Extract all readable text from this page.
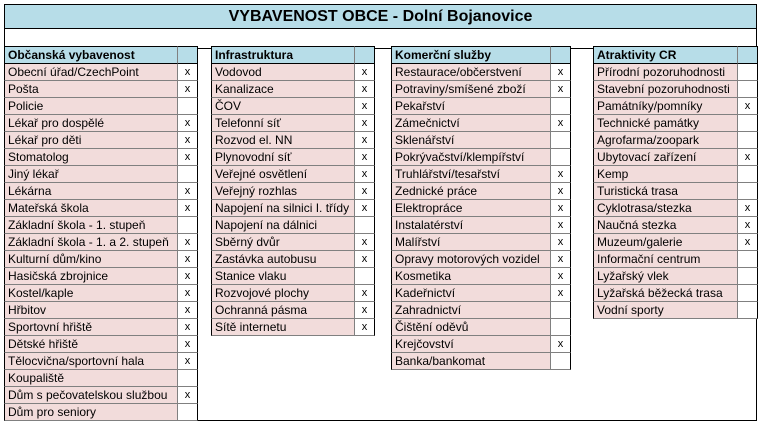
VYBAVENOST OBCE - Dolní Bojanovice
Občanská vybavenost
Obecní úřad/CzechPoint	x
Pošta	x
Policie
Lékař pro dospělé	x
Lékař pro děti	x
Stomatolog	x
Jiný lékař
Lékárna	x
Mateřská škola	x
Základní škola - 1. stupeň
Základní škola - 1. a 2. stupeň	x
Kulturní dům/kino	x
Hasičská zbrojnice	x
Kostel/kaple	x
Hřbitov	x
Sportovní hřiště	x
Dětské hřiště	x
Tělocvična/sportovní hala	x
Koupaliště
Dům s pečovatelskou službou	x
Dům pro seniory
Infrastruktura
Vodovod	x
Kanalizace	x
ČOV	x
Telefonní síť	x
Rozvod el. NN	x
Plynovodní síť	x
Veřejné osvětlení	x
Veřejný rozhlas	x
Napojení na silnici I. třídy	x
Napojení na dálnici
Sběrný dvůr	x
Zastávka autobusu	x
Stanice vlaku
Rozvojové plochy	x
Ochranná pásma	x
Sítě internetu	x
Komerční služby
Restaurace/občerstvení	x
Potraviny/smíšené zboží	x
Pekařství
Zámečnictví	x
Sklenářství
Pokrývačství/klempířství
Truhlářství/tesařství	x
Zednické práce	x
Elektropráce	x
Instalatérství	x
Malířství	x
Opravy motorových vozidel	x
Kosmetika	x
Kadeřnictví	x
Zahradnictví
Čištění oděvů
Krejčovství	x
Banka/bankomat
Atraktivity CR
Přírodní pozoruhodnosti
Stavební pozoruhodnosti
Památníky/pomníky	x
Technické památky
Agrofarma/zoopark
Ubytovací zařízení	x
Kemp
Turistická trasa
Cyklotrasa/stezka	x
Naučná stezka	x
Muzeum/galerie	x
Informační centrum
Lyžařský vlek
Lyžařská běžecká trasa
Vodní sporty
